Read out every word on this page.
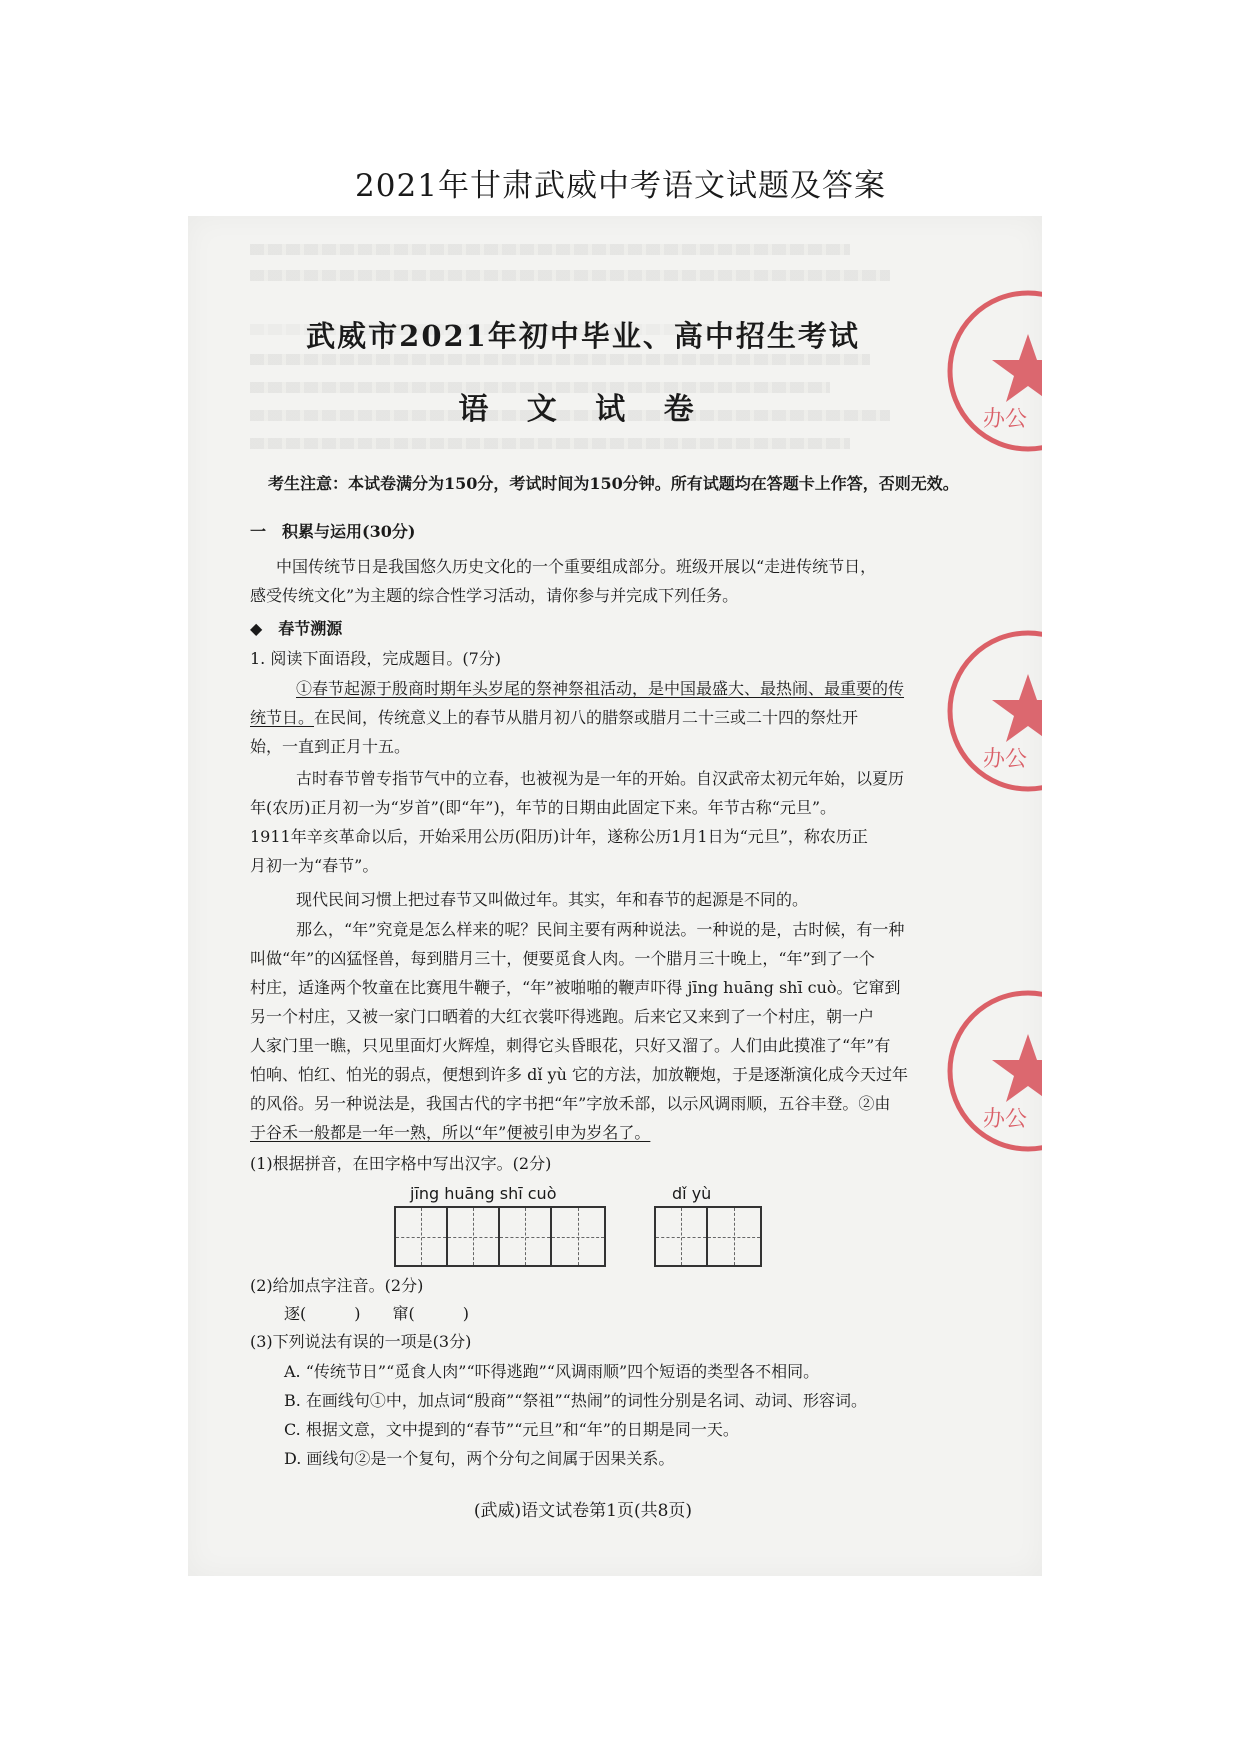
2021年甘肃武威中考语文试题及答案
武威市2021年初中毕业、高中招生考试
语 文 试 卷
考生注意：本试卷满分为150分，考试时间为150分钟。所有试题均在答题卡上作答，否则无效。
一　积累与运用(30分)
中国传统节日是我国悠久历史文化的一个重要组成部分。班级开展以“走进传统节日，
感受传统文化”为主题的综合性学习活动，请你参与并完成下列任务。
◆　春节溯源
1. 阅读下面语段，完成题目。(7分)
①春节起源于殷商时期年头岁尾的祭神祭祖活动，是中国最盛大、最热闹、最重要的传
统节日。在民间，传统意义上的春节从腊月初八的腊祭或腊月二十三或二十四的祭灶开
始，一直到正月十五。
古时春节曾专指节气中的立春，也被视为是一年的开始。自汉武帝太初元年始，以夏历
年(农历)正月初一为“岁首”(即“年”)，年节的日期由此固定下来。年节古称“元旦”。
1911年辛亥革命以后，开始采用公历(阳历)计年，遂称公历1月1日为“元旦”，称农历正
月初一为“春节”。
现代民间习惯上把过春节又叫做过年。其实，年和春节的起源是不同的。
那么，“年”究竟是怎么样来的呢？民间主要有两种说法。一种说的是，古时候，有一种
叫做“年”的凶猛怪兽，每到腊月三十，便要觅食人肉。一个腊月三十晚上，“年”到了一个
村庄，适逢两个牧童在比赛甩牛鞭子，“年”被啪啪的鞭声吓得 jīng huāng shī cuò。它窜到
另一个村庄，又被一家门口晒着的大红衣裳吓得逃跑。后来它又来到了一个村庄，朝一户
人家门里一瞧，只见里面灯火辉煌，刺得它头昏眼花，只好又溜了。人们由此摸准了“年”有
怕响、怕红、怕光的弱点，便想到许多 dǐ yù 它的方法，加放鞭炮，于是逐渐演化成今天过年
的风俗。另一种说法是，我国古代的字书把“年”字放禾部，以示风调雨顺，五谷丰登。②由
于谷禾一般都是一年一熟，所以“年”便被引申为岁名了。
(1)根据拼音，在田字格中写出汉字。(2分)
jīng huāng shī cuò	dǐ yù
(2)给加点字注音。(2分)
逐(　　　)　　窜(　　　)
(3)下列说法有误的一项是(3分)
A. “传统节日”“觅食人肉”“吓得逃跑”“风调雨顺”四个短语的类型各不相同。
B. 在画线句①中，加点词“殷商”“祭祖”“热闹”的词性分别是名词、动词、形容词。
C. 根据文意，文中提到的“春节”“元旦”和“年”的日期是同一天。
D. 画线句②是一个复句，两个分句之间属于因果关系。
(武威)语文试卷第1页(共8页)
办公
办公
办公
